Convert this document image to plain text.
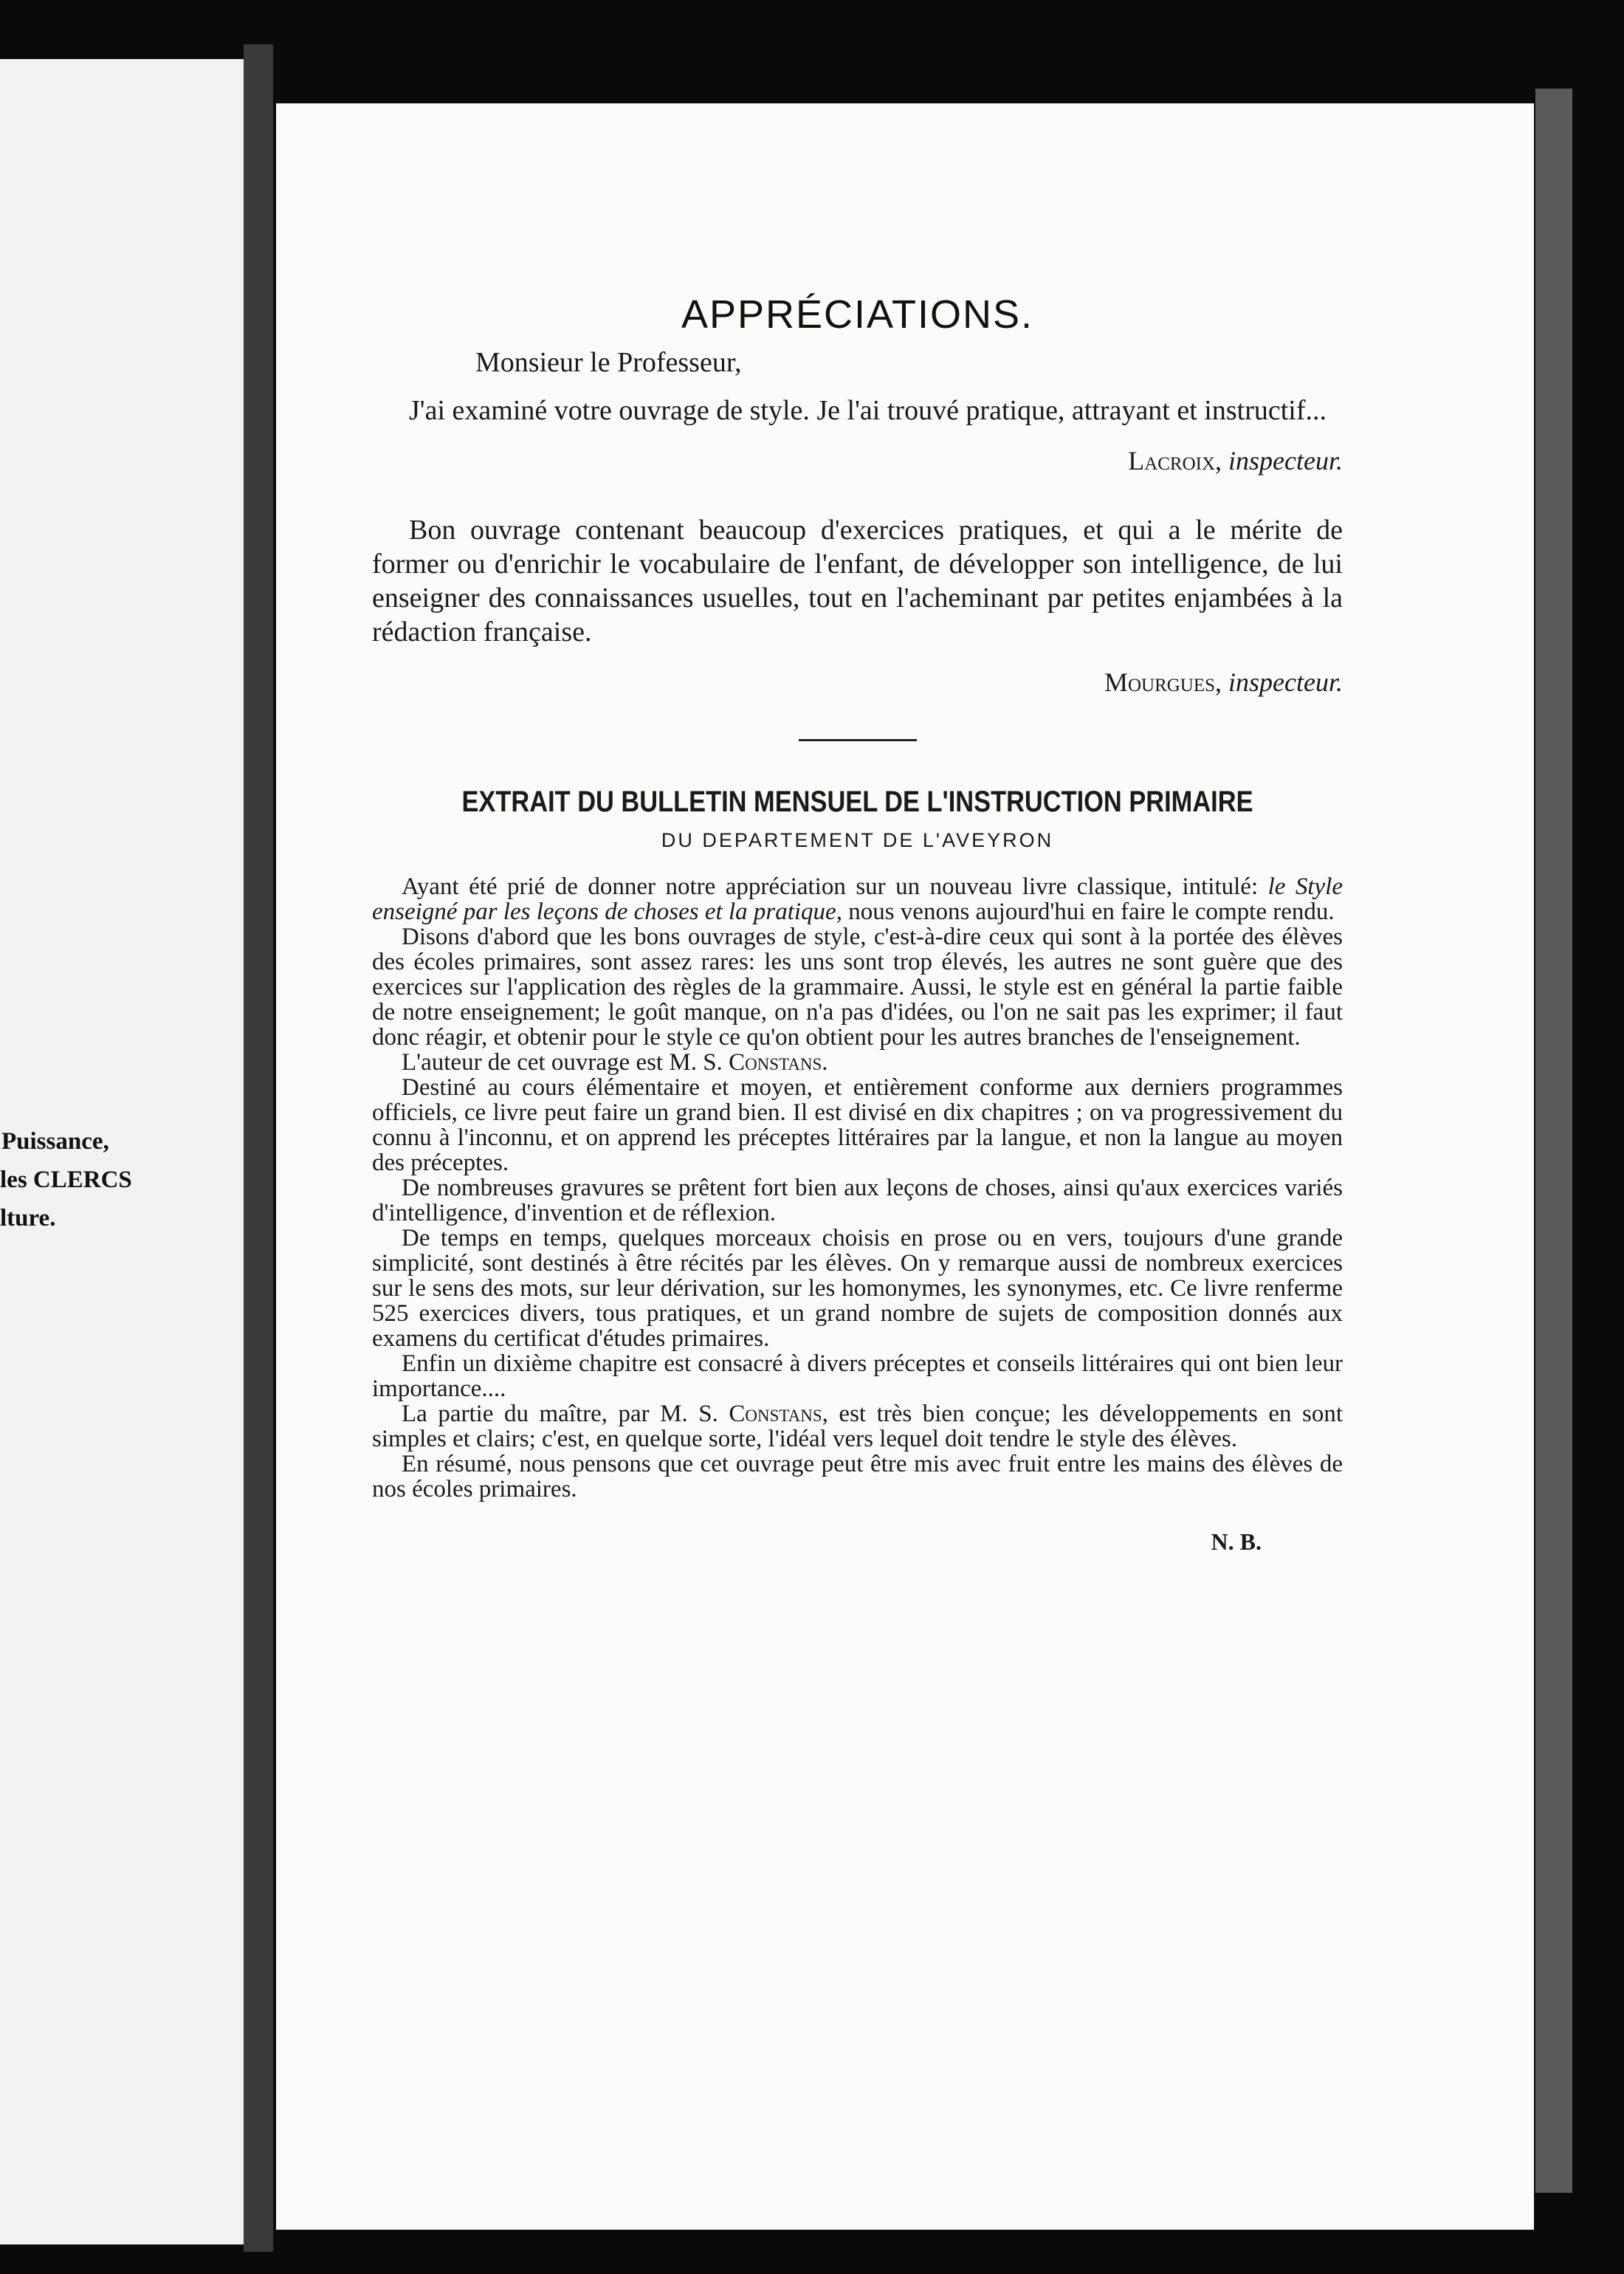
Puissance,
les CLERCS
lture.
APPRÉCIATIONS.

Monsieur le Professeur,

J'ai examiné votre ouvrage de style. Je l'ai trouvé pratique, attrayant et instructif...

Lacroix, inspecteur.

Bon ouvrage contenant beaucoup d'exercices pratiques, et qui a le mérite de former ou d'enrichir le vocabulaire de l'enfant, de développer son intelligence, de lui enseigner des connaissances usuelles, tout en l'acheminant par petites enjambées à la rédaction française.

Mourgues, inspecteur.

EXTRAIT DU BULLETIN MENSUEL DE L'INSTRUCTION PRIMAIRE

DU DEPARTEMENT DE L'AVEYRON

Ayant été prié de donner notre appréciation sur un nouveau livre classique, intitulé: le Style enseigné par les leçons de choses et la pratique, nous venons aujourd'hui en faire le compte rendu.

Disons d'abord que les bons ouvrages de style, c'est-à-dire ceux qui sont à la portée des élèves des écoles primaires, sont assez rares: les uns sont trop élevés, les autres ne sont guère que des exercices sur l'application des règles de la grammaire. Aussi, le style est en général la partie faible de notre enseignement; le goût manque, on n'a pas d'idées, ou l'on ne sait pas les exprimer; il faut donc réagir, et obtenir pour le style ce qu'on obtient pour les autres branches de l'enseignement.

L'auteur de cet ouvrage est M. S. Constans.

Destiné au cours élémentaire et moyen, et entièrement conforme aux derniers programmes officiels, ce livre peut faire un grand bien. Il est divisé en dix chapitres ; on va progressivement du connu à l'inconnu, et on apprend les préceptes littéraires par la langue, et non la langue au moyen des préceptes.

De nombreuses gravures se prêtent fort bien aux leçons de choses, ainsi qu'aux exercices variés d'intelligence, d'invention et de réflexion.

De temps en temps, quelques morceaux choisis en prose ou en vers, toujours d'une grande simplicité, sont destinés à être récités par les élèves. On y remarque aussi de nombreux exercices sur le sens des mots, sur leur dérivation, sur les homonymes, les synonymes, etc. Ce livre renferme 525 exercices divers, tous pratiques, et un grand nombre de sujets de composition donnés aux examens du certificat d'études primaires.

Enfin un dixième chapitre est consacré à divers préceptes et conseils littéraires qui ont bien leur importance....

La partie du maître, par M. S. Constans, est très bien conçue; les développements en sont simples et clairs; c'est, en quelque sorte, l'idéal vers lequel doit tendre le style des élèves.

En résumé, nous pensons que cet ouvrage peut être mis avec fruit entre les mains des élèves de nos écoles primaires.

N. B.
